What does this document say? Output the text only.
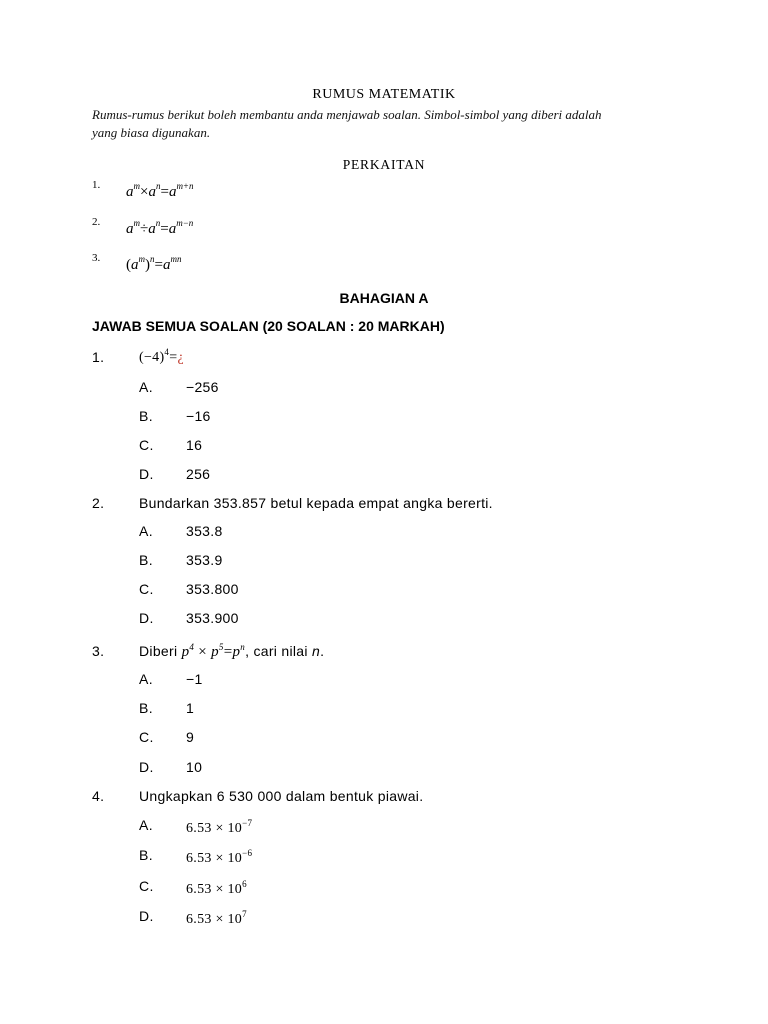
RUMUS MATEMATIK
Rumus-rumus berikut boleh membantu anda menjawab soalan. Simbol-simbol yang diberi adalah
yang biasa digunakan.
PERKAITAN
1. $a^m\times a^n=a^{m+n}$
2. $a^m\div a^n=a^{m-n}$
3. $(a^m)^n=a^{mn}$
BAHAGIAN A
JAWAB SEMUA SOALAN (20 SOALAN : 20 MARKAH)
1. $(-4)^4=¿$
A. −256
B. −16
C. 16
D. 256
2. Bundarkan 353.857 betul kepada empat angka bererti.
A. 353.8
B. 353.9
C. 353.800
D. 353.900
3. Diberi $p^4 \times p^5=p^n$, cari nilai n.
A. −1
B. 1
C. 9
D. 10
4. Ungkapkan 6 530 000 dalam bentuk piawai.
A. $6.53 \times 10^{-7}$
B. $6.53 \times 10^{-6}$
C. $6.53 \times 10^6$
D. $6.53 \times 10^7$
